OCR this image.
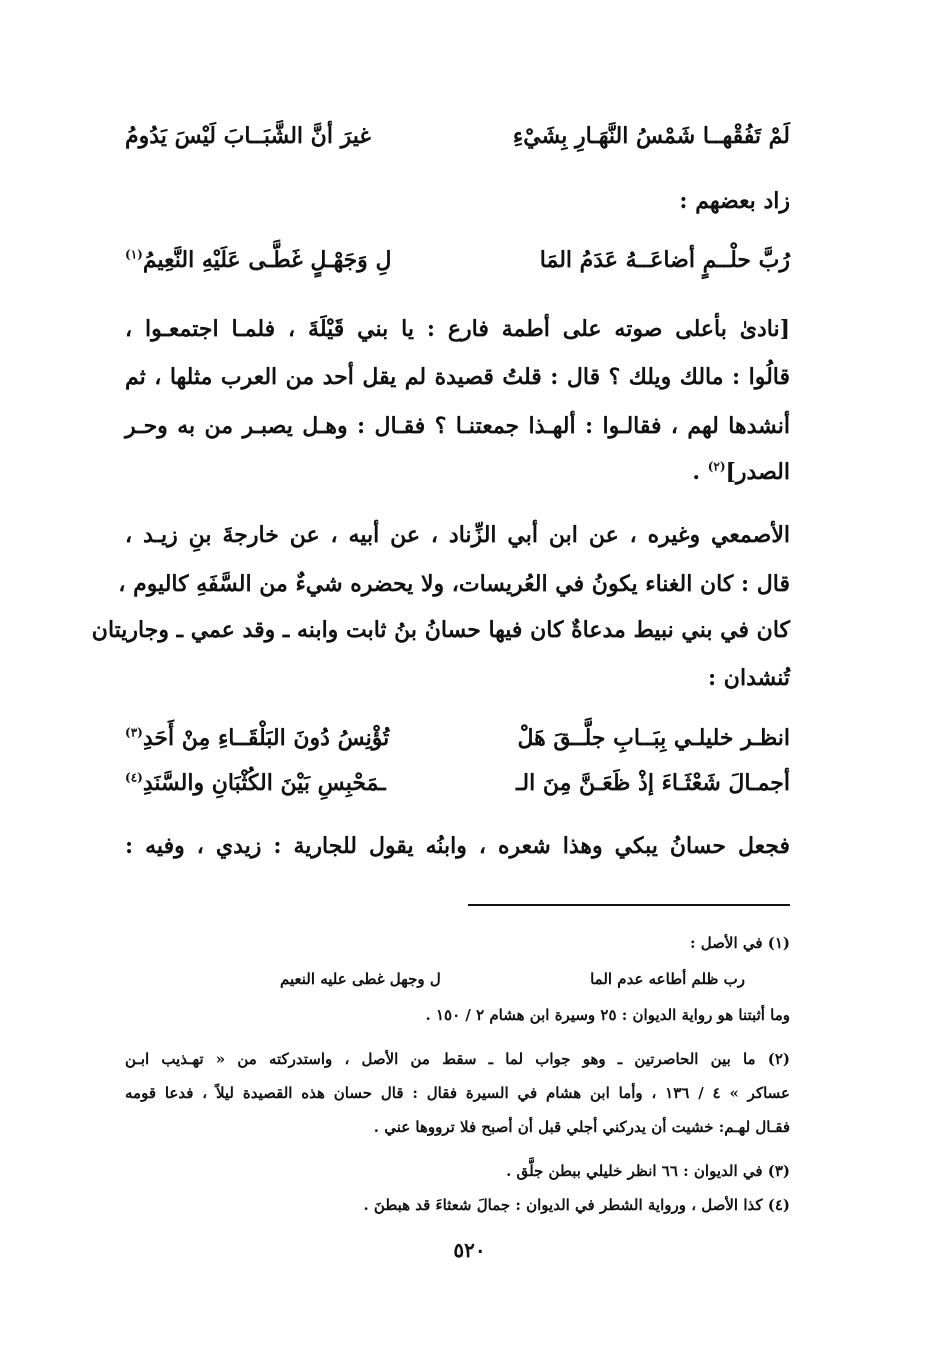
لَمْ تَفُقْهــا شَمْسُ النَّهَـارِ بِشَيْءِ
غيرَ أنَّ الشَّبَــابَ لَيْسَ يَدُومُ
زاد بعضهم :
رُبَّ حلْــمٍ أضاعَــهُ عَدَمُ المَا
لِ وَجَهْـلٍ غَطَّـى عَلَيْهِ النَّعِيمُ$^{(١)}$
[نادىٰ بأعلى صوته على أطمة فارع : يا بني قَيْلَةَ ، فلمـا اجتمعـوا ،
قالُوا : مالك ويلك ؟ قال : قلتُ قصيدة لم يقل أحد من العرب مثلها ، ثم
أنشدها لهم ، فقالـوا : ألهـذا جمعتنـا ؟ فقـال : وهـل يصبـر من به وحـر
الصدر]$^{(٢)}$ .
الأصمعي وغيره ، عن ابن أبي الزِّناد ، عن أبيه ، عن خارجةَ بنِ زيـد ،
قال : كان الغناء يكونُ في العُريسات، ولا يحضره شيءٌ من السَّفَهِ كاليوم ،
كان في بني نبيط مدعاةٌ كان فيها حسانُ بنُ ثابت وابنه ـ وقد عمي ـ وجاريتان
تُنشدان :
انظـر خليلـي بِبَــابِ جلَّــقَ هَلْ
تُؤْنِسُ دُونَ البَلْقَــاءِ مِنْ أَحَدِ$^{(٣)}$
أجمـالَ شَعْثَـاءَ إذْ ظَعَـنَّ مِنَ الـ
ـمَحْبِسِ بَيْنَ الكُثْبَانِ والسَّنَدِ$^{(٤)}$
فجعل حسانُ يبكي وهذا شعره ، وابنُه يقول للجارية : زيدي ، وفيه :
(١) في الأصل :
رب ظلم أطاعه عدم الما
ل وجهل غطى عليه النعيم
وما أثبتنا هو رواية الديوان : ٢٥ وسيرة ابن هشام ٢ / ١٥٠ .
(٢) ما بين الحاصرتين ـ وهو جواب لما ـ سقط من الأصل ، واستدركته من « تهـذيب ابـن
عساكر » ٤ / ١٣٦ ، وأما ابن هشام في السيرة فقال : قال حسان هذه القصيدة ليلاً ، فدعا قومه
فقـال لهـم: خشيت أن يدركني أجلي قبل أن أصبح فلا ترووها عني .
(٣) في الديوان : ٦٦ انظر خليلي ببطن جلَّق .
(٤) كذا الأصل ، ورواية الشطر في الديوان : جمالَ شعثاءَ قد هبطنَ .
٥٢٠
